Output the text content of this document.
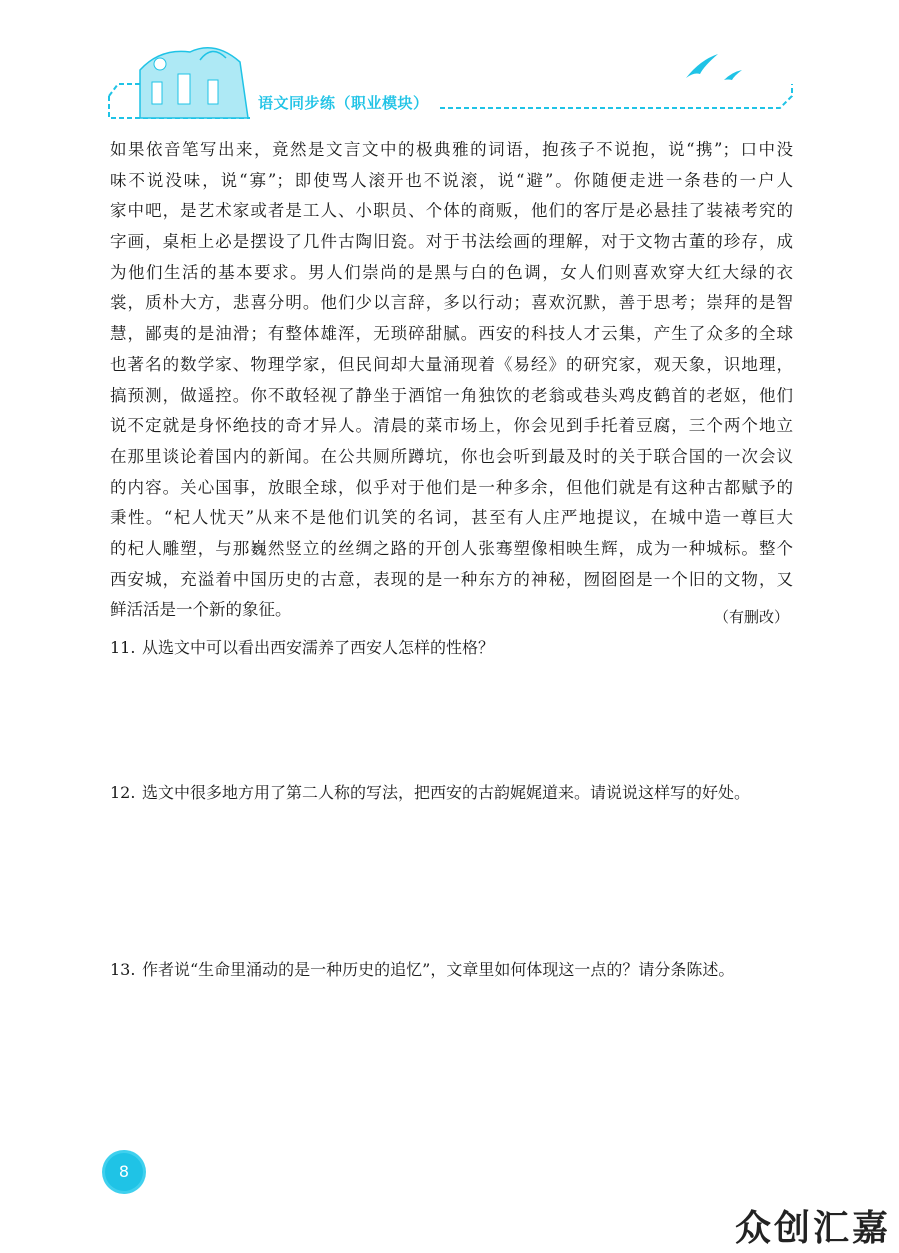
语文同步练（职业模块）
如果依音笔写出来，竟然是文言文中的极典雅的词语，抱孩子不说抱，说“携”；口中没
味不说没味，说“寡”；即使骂人滚开也不说滚，说“避”。你随便走进一条巷的一户人
家中吧，是艺术家或者是工人、小职员、个体的商贩，他们的客厅是必悬挂了装裱考究的
字画，桌柜上必是摆设了几件古陶旧瓷。对于书法绘画的理解，对于文物古董的珍存，成
为他们生活的基本要求。男人们崇尚的是黑与白的色调，女人们则喜欢穿大红大绿的衣
裳，质朴大方，悲喜分明。他们少以言辞，多以行动；喜欢沉默，善于思考；崇拜的是智
慧，鄙夷的是油滑；有整体雄浑，无琐碎甜腻。西安的科技人才云集，产生了众多的全球
也著名的数学家、物理学家，但民间却大量涌现着《易经》的研究家，观天象，识地理，
搞预测，做遥控。你不敢轻视了静坐于酒馆一角独饮的老翁或巷头鸡皮鹤首的老妪，他们
说不定就是身怀绝技的奇才异人。清晨的菜市场上，你会见到手托着豆腐，三个两个地立
在那里谈论着国内的新闻。在公共厕所蹲坑，你也会听到最及时的关于联合国的一次会议
的内容。关心国事，放眼全球，似乎对于他们是一种多余，但他们就是有这种古都赋予的
秉性。“杞人忧天”从来不是他们讥笑的名词，甚至有人庄严地提议，在城中造一尊巨大
的杞人雕塑，与那巍然竖立的丝绸之路的开创人张骞塑像相映生辉，成为一种城标。整个
西安城，充溢着中国历史的古意，表现的是一种东方的神秘，囫囵囵是一个旧的文物，又
鲜活活是一个新的象征。	（有删改）
11. 从选文中可以看出西安濡养了西安人怎样的性格？
12. 选文中很多地方用了第二人称的写法，把西安的古韵娓娓道来。请说说这样写的好处。
13. 作者说“生命里涌动的是一种历史的追忆”，文章里如何体现这一点的？请分条陈述。
8
众创汇嘉
